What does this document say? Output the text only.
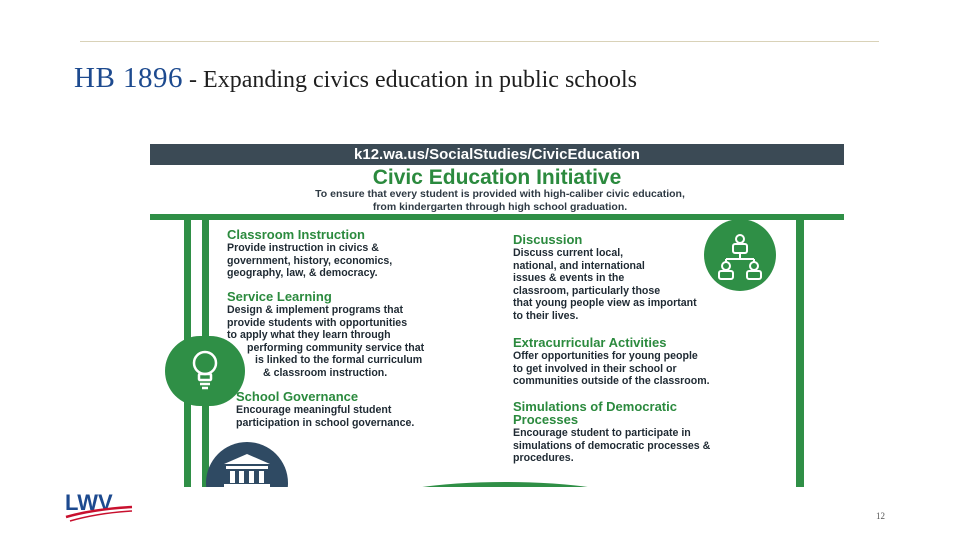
HB 1896 - Expanding civics education in public schools
k12.wa.us/SocialStudies/CivicEducation
Civic Education Initiative
To ensure that every student is provided with high-caliber civic education,
from kindergarten through high school graduation.
Classroom Instruction

Provide instruction in civics &
government, history, economics,
geography, law, & democracy.

Service Learning

Design & implement programs that
provide students with opportunities
to apply what they learn through
performing community service that
is linked to the formal curriculum
& classroom instruction.

School Governance

Encourage meaningful student
participation in school governance.

Discussion

Discuss current local,
national, and international
issues & events in the
classroom, particularly those
that young people view as important
to their lives.

Extracurricular Activities

Offer opportunities for young people
to get involved in their school or
communities outside of the classroom.

Simulations of Democratic
Processes

Encourage student to participate in
simulations of democratic processes &
procedures.

LWV
12
